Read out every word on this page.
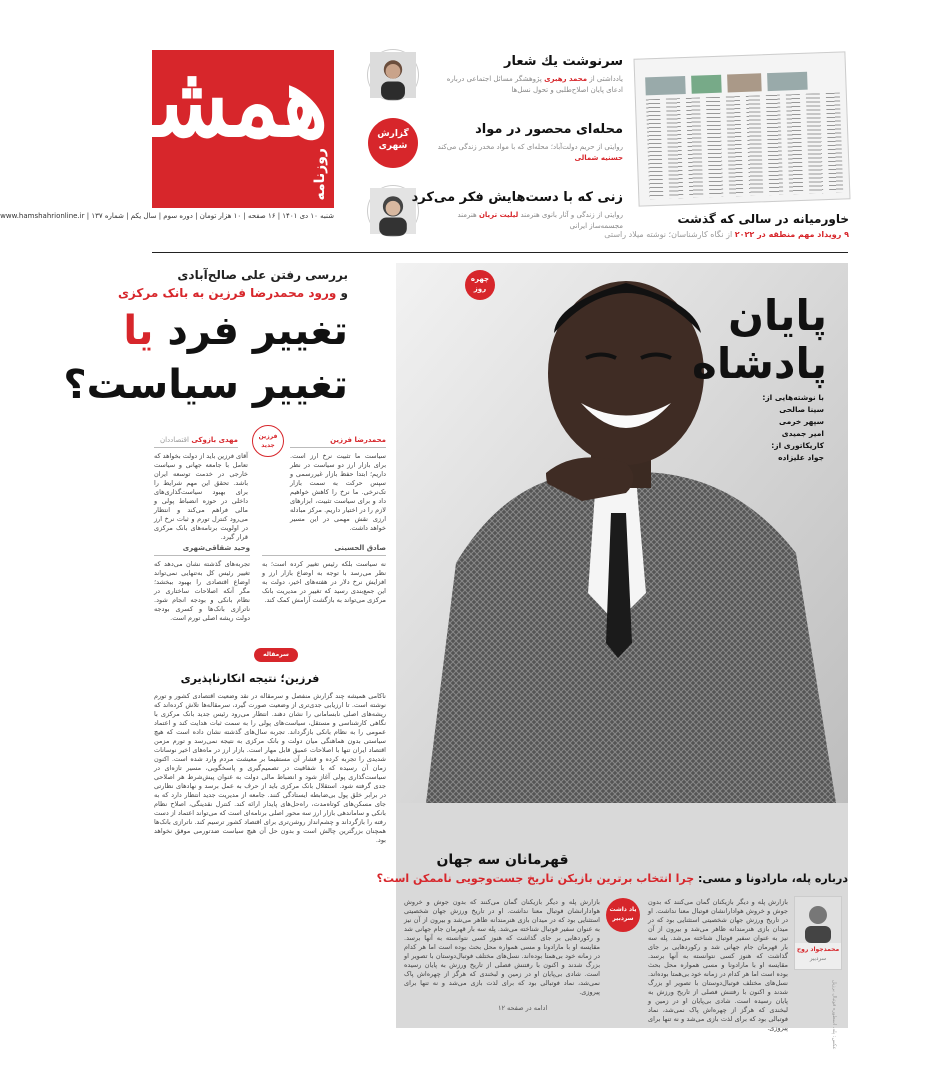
همشهری
روزنامه
شنبه ۱۰ دی ۱۴۰۱ | ۱۶ صفحه | ۱۰ هزار تومان | دوره سوم | سال یکم | شماره ۱۳۷ | www.hamshahrionline.ir
سرنوشت يك شعار
یادداشتی از محمد رهبری پژوهشگر مسائل اجتماعی درباره ادعای پایان اصلاح‌طلبی و تحول نسل‌ها
گزارش شهری
محله‌ای محصور در مواد
روایتی از حریم دولت‌آباد؛ محله‌ای که با مواد مخدر زندگی می‌کند حسنیه شمالی
زنی که با دست‌هایش فکر می‌کرد
روایتی از زندگی و آثار بانوی هنرمند لیلیت تریان هنرمند مجسمه‌ساز ایرانی	خاورمیانه در سالی که گذشت
۹ رویداد مهم منطقه در ۲۰۲۲ از نگاه کارشناسان؛ نوشته میلاد راستی
بررسی رفتن علی صالح‌آبادی
و ورود محمدرضا فرزین به بانک مرکزی
تغییر فرد یا
تغییر سیاست؟
فرزین جدید
مهدی بازوکی اقتصاددان	محمدرضا فرزین
آقای فرزین باید از دولت بخواهد که تعامل با جامعه جهانی و سیاست خارجی در خدمت توسعه ایران باشد. تحقق این مهم شرایط را برای بهبود سیاست‌گذاری‌های داخلی در حوزه انضباط پولی و مالی فراهم می‌کند و انتظار می‌رود کنترل تورم و ثبات نرخ ارز در اولویت برنامه‌های بانک مرکزی قرار گیرد.
سیاست ما تثبیت نرخ ارز است. برای بازار ارز دو سیاست در نظر داریم؛ ابتدا حفظ بازار غیررسمی و سپس حرکت به سمت بازار تک‌نرخی. ما نرخ را کاهش خواهیم داد و برای سیاست تثبیت، ابزارهای لازم را در اختیار داریم. مرکز مبادله ارزی نقش مهمی در این مسیر خواهد داشت.
وحید شقاقی‌شهری	صادق الحسینی
تجربه‌های گذشته نشان می‌دهد که تغییر رئیس کل به‌تنهایی نمی‌تواند اوضاع اقتصادی را بهبود ببخشد؛ مگر آنکه اصلاحات ساختاری در نظام بانکی و بودجه انجام شود. ناترازی بانک‌ها و کسری بودجه دولت ریشه اصلی تورم است.
نه سیاست بلکه رئیس تغییر کرده است؛ به نظر می‌رسد با توجه به اوضاع بازار ارز و افزایش نرخ دلار در هفته‌های اخیر، دولت به این جمع‌بندی رسید که تغییر در مدیریت بانک مرکزی می‌تواند به بازگشت آرامش کمک کند.
سرمقاله
فرزین؛ نتیجه انکارناپذیری
ناکامی همیشه چند گزارش منفصل و سرمقاله در نقد وضعیت اقتصادی کشور و تورم نوشته است. تا ارزیابی جدی‌تری از وضعیت صورت گیرد، سرمقاله‌ها تلاش کرده‌اند که ریشه‌های اصلی نابسامانی را نشان دهند. انتظار می‌رود رئیس جدید بانک مرکزی با نگاهی کارشناسی و مستقل، سیاست‌های پولی را به سمت ثبات هدایت کند و اعتماد عمومی را به نظام بانکی بازگرداند. تجربه سال‌های گذشته نشان داده است که هیچ سیاستی بدون هماهنگی میان دولت و بانک مرکزی به نتیجه نمی‌رسد و تورم مزمن اقتصاد ایران تنها با اصلاحات عمیق قابل مهار است. بازار ارز در ماه‌های اخیر نوسانات شدیدی را تجربه کرده و فشار آن مستقیما بر معیشت مردم وارد شده است. اکنون زمان آن رسیده که با شفافیت در تصمیم‌گیری و پاسخگویی، مسیر تازه‌ای در سیاست‌گذاری پولی آغاز شود و انضباط مالی دولت به عنوان پیش‌شرط هر اصلاحی جدی گرفته شود. استقلال بانک مرکزی باید از حرف به عمل برسد و نهادهای نظارتی در برابر خلق پول بی‌ضابطه ایستادگی کنند. جامعه از مدیریت جدید انتظار دارد که به جای مسکن‌های کوتاه‌مدت، راه‌حل‌های پایدار ارائه کند. کنترل نقدینگی، اصلاح نظام بانکی و ساماندهی بازار ارز سه محور اصلی برنامه‌ای است که می‌تواند اعتماد از دست رفته را بازگرداند و چشم‌انداز روشن‌تری برای اقتصاد کشور ترسیم کند. ناترازی بانک‌ها همچنان بزرگترین چالش است و بدون حل آن هیچ سیاست ضدتورمی موفق نخواهد بود.
چهره روز
پایان
پادشاه
با نوشته‌هایی از:
سینا صالحی
سپهر خرمی
امیر جمیدی
کاریکاتوری از:
جواد علیزاده
قهرمانان سه جهان
درباره پله، مارادونا و مسی: چرا انتخاب برترین بازیکن تاریخ جست‌وجویی ناممکن است؟
یاد داشت سردبیر
محمدجواد روح
سردبیر
بازارش پله و دیگر بازیکنان گمان می‌کنند که بدون جوش و خروش هوادارانشان فوتبال معنا نداشت. او در تاریخ ورزش جهان شخصیتی استثنایی بود که در میدان بازی هنرمندانه ظاهر می‌شد و بیرون از آن نیز به عنوان سفیر فوتبال شناخته می‌شد. پله سه بار قهرمان جام جهانی شد و رکوردهایی بر جای گذاشت که هنوز کسی نتوانسته به آنها برسد. مقایسه او با مارادونا و مسی همواره محل بحث بوده است اما هر کدام در زمانه خود بی‌همتا بوده‌اند. نسل‌های مختلف فوتبال‌دوستان با تصویر او بزرگ شدند و اکنون با رفتنش فصلی از تاریخ ورزش به پایان رسیده است. شادی بی‌پایان او در زمین و لبخندی که هرگز از چهره‌اش پاک نمی‌شد، نماد فوتبالی بود که برای لذت بازی می‌شد و نه تنها برای پیروزی.
بازارش پله و دیگر بازیکنان گمان می‌کنند که بدون جوش و خروش هوادارانشان فوتبال معنا نداشت. او در تاریخ ورزش جهان شخصیتی استثنایی بود که در میدان بازی هنرمندانه ظاهر می‌شد و بیرون از آن نیز به عنوان سفیر فوتبال شناخته می‌شد. پله سه بار قهرمان جام جهانی شد و رکوردهایی بر جای گذاشت که هنوز کسی نتوانسته به آنها برسد. مقایسه او با مارادونا و مسی همواره محل بحث بوده است اما هر کدام در زمانه خود بی‌همتا بوده‌اند. نسل‌های مختلف فوتبال‌دوستان با تصویر او بزرگ شدند و اکنون با رفتنش فصلی از تاریخ ورزش به پایان رسیده است. شادی بی‌پایان او در زمین و لبخندی که هرگز از چهره‌اش پاک نمی‌شد، نماد فوتبالی بود که برای لذت بازی می‌شد و نه تنها برای پیروزی.
ادامه در صفحه ۱۲	عکس: پله، اسطوره فوتبال برزیل
